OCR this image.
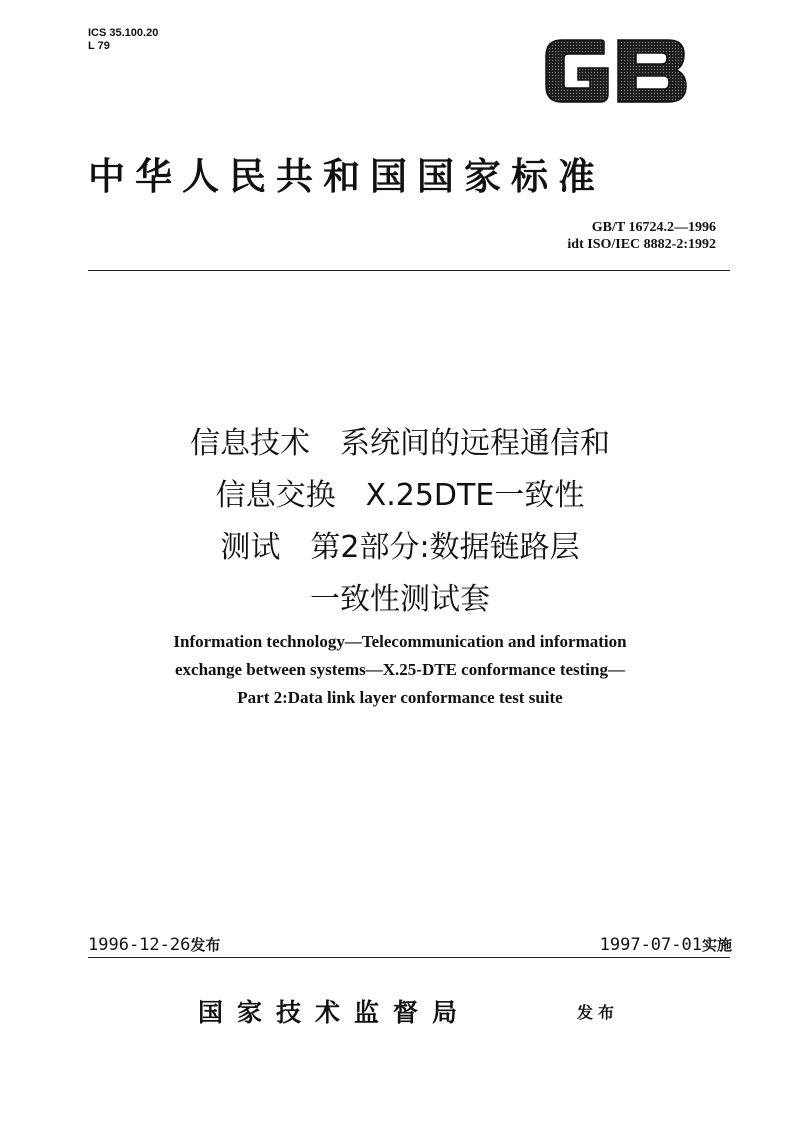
ICS 35.100.20
L 79
中华人民共和国国家标准
GB/T 16724.2—1996
idt ISO/IEC 8882-2:1992
信息技术　系统间的远程通信和
信息交换　X.25DTE一致性
测试　第2部分:数据链路层
一致性测试套
Information technology—Telecommunication and information
exchange between systems—X.25-DTE conformance testing—
Part 2:Data link layer conformance test suite
1996-12-26发布	1997-07-01实施
国家技术监督局	发布
